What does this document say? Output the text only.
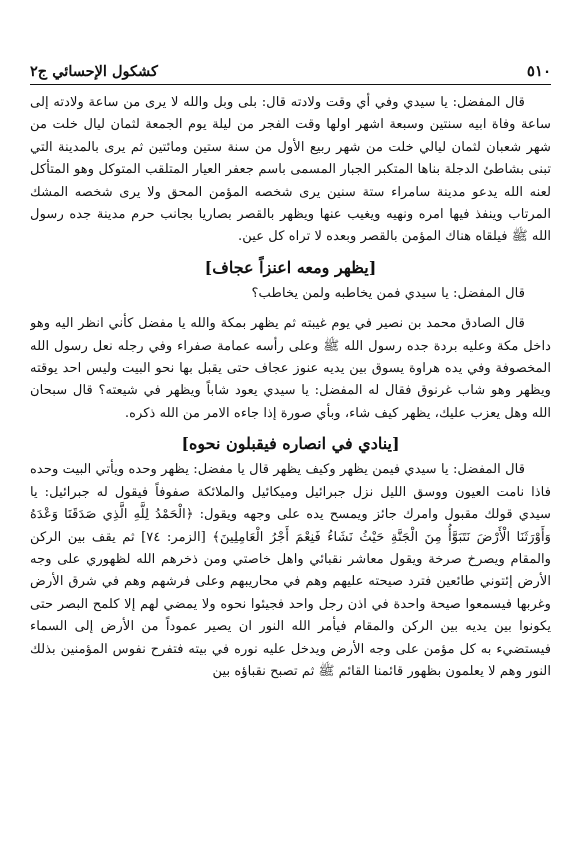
كشكول الإحسائي ج٢	٥١٠

قال المفضل: يا سيدي وفي أي وقت ولادته قال: بلى وبل والله لا يرى من ساعة ولادته إلى ساعة وفاة ابيه سنتين وسبعة اشهر اولها وقت الفجر من ليلة يوم الجمعة لثمان ليال خلت من شهر شعبان لثمان ليالي خلت من شهر ربيع الأول من سنة ستين ومائتين ثم يرى بالمدينة التي تبنى بشاطئ الدجلة بناها المتكبر الجبار المسمى باسم جعفر العيار المتلقب المتوكل وهو المتأكل لعنه الله يدعو مدينة سامراء ستة سنين يرى شخصه المؤمن المحق ولا يرى شخصه المشك المرتاب وينفذ فيها امره ونهيه ويغيب عنها ويظهر بالقصر بصاريا بجانب حرم مدينة جده رسول الله ﷺ فيلقاه هناك المؤمن بالقصر وبعده لا تراه كل عين.

[يظهر ومعه اعنزاً عجاف]

قال المفضل: يا سيدي فمن يخاطبه ولمن يخاطب؟

قال الصادق محمد بن نصير في يوم غيبته ثم يظهر بمكة والله يا مفضل كأني انظر اليه وهو داخل مكة وعليه بردة جده رسول الله ﷺ وعلى رأسه عمامة صفراء وفي رجله نعل رسول الله المخصوفة وفي يده هراوة يسوق بين يديه عنوز عجاف حتى يقبل بها نحو البيت وليس احد يوقته ويظهر وهو شاب غرنوق فقال له المفضل: يا سيدي يعود شاباً ويظهر في شيعته؟ قال سبحان الله وهل يعزب عليك، يظهر كيف شاء، وبأي صورة إذا جاءه الامر من الله ذكره.

[ينادي في انصاره فيقبلون نحوه]

قال المفضل: يا سيدي فيمن يظهر وكيف يظهر قال يا مفضل: يظهر وحده ويأتي البيت وحده فاذا نامت العيون ووسق الليل نزل جبرائيل وميكائيل والملائكة صفوفاً فيقول له جبرائيل: يا سيدي قولك مقبول وامرك جائز ويمسح يده على وجهه ويقول: ﴿الْحَمْدُ لِلَّهِ الَّذِي صَدَقَنَا وَعْدَهُ وَأَوْرَثَنَا الْأَرْضَ نَتَبَوَّأُ مِنَ الْجَنَّةِ حَيْثُ نَشَاءُ فَنِعْمَ أَجْرُ الْعَامِلِينَ﴾ [الزمر: ٧٤] ثم يقف بين الركن والمقام ويصرخ صرخة ويقول معاشر نقبائي واهل خاصتي ومن ذخرهم الله لظهوري على وجه الأرض إئتوني طائعين فترد صيحته عليهم وهم في محاريبهم وعلى فرشهم وهم في شرق الأرض وغربها فيسمعوا صيحة واحدة في اذن رجل واحد فجيئوا نحوه ولا يمضي لهم إلا كلمح البصر حتى يكونوا بين يديه بين الركن والمقام فيأمر الله النور ان يصير عموداً من الأرض إلى السماء فيستضيء به كل مؤمن على وجه الأرض ويدخل عليه نوره في بيته فتفرح نفوس المؤمنين بذلك النور وهم لا يعلمون بظهور قائمنا القائم ﷺ ثم تصبح نقباؤه بين
